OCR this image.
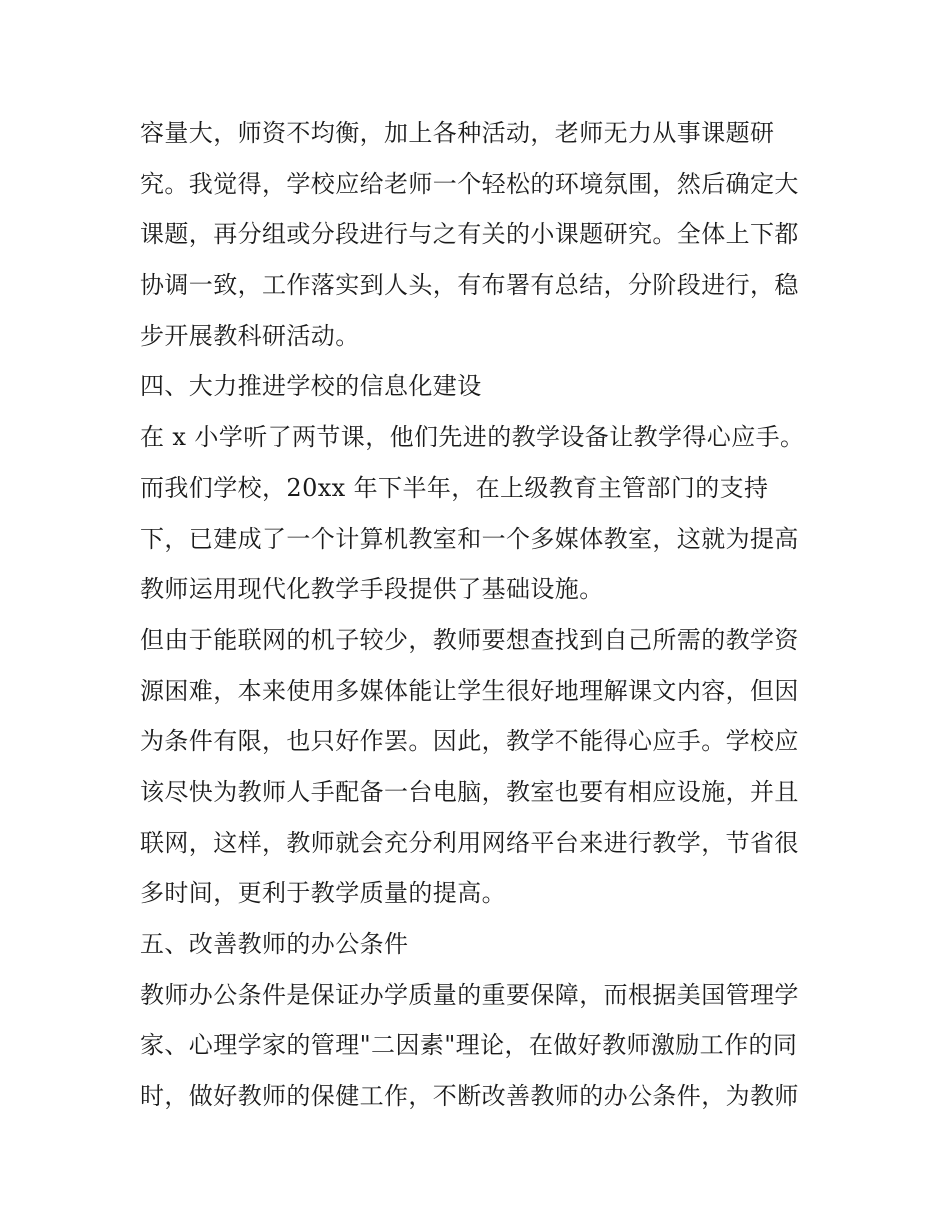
容量大，师资不均衡，加上各种活动，老师无力从事课题研
究。我觉得，学校应给老师一个轻松的环境氛围，然后确定大
课题，再分组或分段进行与之有关的小课题研究。全体上下都
协调一致，工作落实到人头，有布署有总结，分阶段进行，稳
步开展教科研活动。
四、大力推进学校的信息化建设
在 x 小学听了两节课，他们先进的教学设备让教学得心应手。
而我们学校，20xx 年下半年，在上级教育主管部门的支持
下，已建成了一个计算机教室和一个多媒体教室，这就为提高
教师运用现代化教学手段提供了基础设施。
但由于能联网的机子较少，教师要想查找到自己所需的教学资
源困难，本来使用多媒体能让学生很好地理解课文内容，但因
为条件有限，也只好作罢。因此，教学不能得心应手。学校应
该尽快为教师人手配备一台电脑，教室也要有相应设施，并且
联网，这样，教师就会充分利用网络平台来进行教学，节省很
多时间，更利于教学质量的提高。
五、改善教师的办公条件
教师办公条件是保证办学质量的重要保障，而根据美国管理学
家、心理学家的管理"二因素"理论，在做好教师激励工作的同
时，做好教师的保健工作，不断改善教师的办公条件，为教师
